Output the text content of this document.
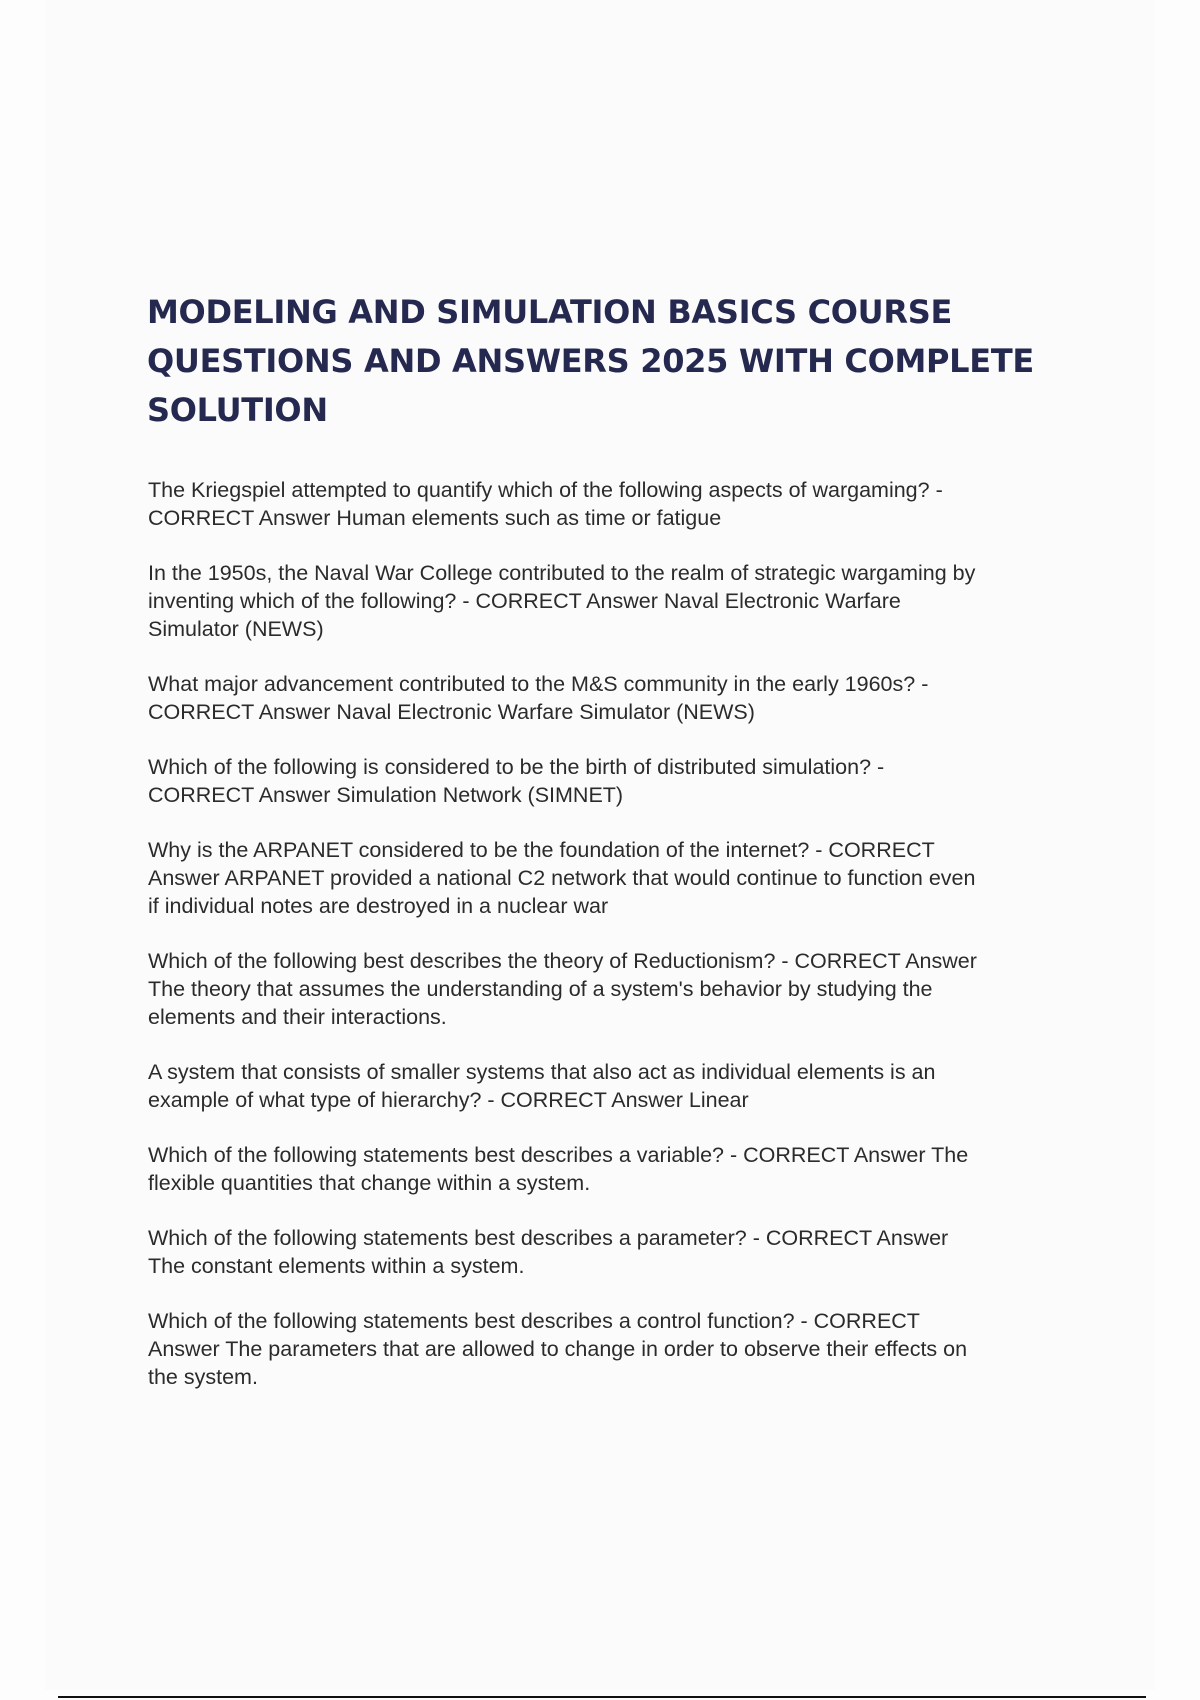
MODELING AND SIMULATION BASICS COURSE
QUESTIONS AND ANSWERS 2025 WITH COMPLETE
SOLUTION
The Kriegspiel attempted to quantify which of the following aspects of wargaming? -
CORRECT Answer Human elements such as time or fatigue
In the 1950s, the Naval War College contributed to the realm of strategic wargaming by
inventing which of the following? - CORRECT Answer Naval Electronic Warfare
Simulator (NEWS)
What major advancement contributed to the M&S community in the early 1960s? -
CORRECT Answer Naval Electronic Warfare Simulator (NEWS)
Which of the following is considered to be the birth of distributed simulation? -
CORRECT Answer Simulation Network (SIMNET)
Why is the ARPANET considered to be the foundation of the internet? - CORRECT
Answer ARPANET provided a national C2 network that would continue to function even
if individual notes are destroyed in a nuclear war
Which of the following best describes the theory of Reductionism? - CORRECT Answer
The theory that assumes the understanding of a system's behavior by studying the
elements and their interactions.
A system that consists of smaller systems that also act as individual elements is an
example of what type of hierarchy? - CORRECT Answer Linear
Which of the following statements best describes a variable? - CORRECT Answer The
flexible quantities that change within a system.
Which of the following statements best describes a parameter? - CORRECT Answer
The constant elements within a system.
Which of the following statements best describes a control function? - CORRECT
Answer The parameters that are allowed to change in order to observe their effects on
the system.
